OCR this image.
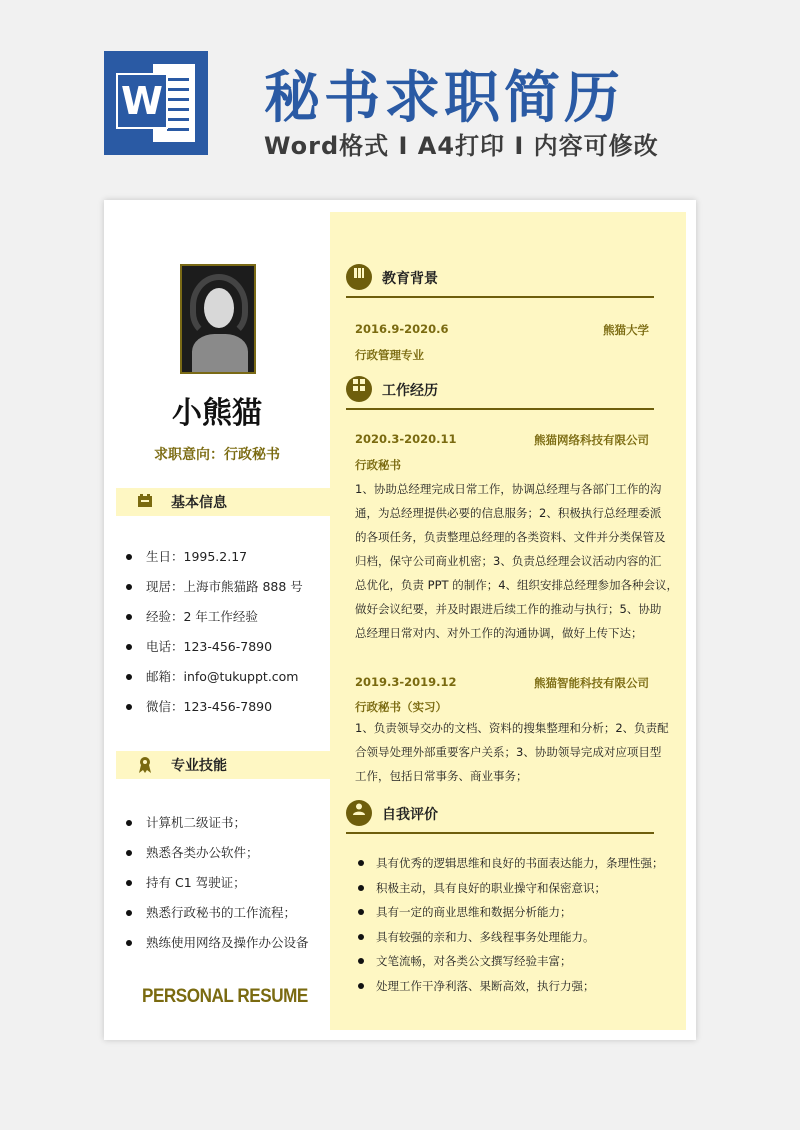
W 秘书求职简历
Word格式 I A4打印 I 内容可修改
小熊猫
求职意向：行政秘书
基本信息
生日：1995.2.17
现居：上海市熊猫路 888 号
经验：2 年工作经验
电话：123-456-7890
邮箱：info@tukuppt.com
微信：123-456-7890
专业技能
计算机二级证书；
熟悉各类办公软件；
持有 C1 驾驶证；
熟悉行政秘书的工作流程；
熟练使用网络及操作办公设备
PERSONAL RESUME
教育背景
2016.9-2020.6	熊猫大学
行政管理专业
工作经历
2020.3-2020.11	熊猫网络科技有限公司
行政秘书
1、协助总经理完成日常工作，协调总经理与各部门工作的沟
通，为总经理提供必要的信息服务；2、积极执行总经理委派
的各项任务，负责整理总经理的各类资料、文件并分类保管及
归档，保守公司商业机密；3、负责总经理会议活动内容的汇
总优化，负责 PPT 的制作；4、组织安排总经理参加各种会议，
做好会议纪要，并及时跟进后续工作的推动与执行；5、协助
总经理日常对内、对外工作的沟通协调，做好上传下达；
2019.3-2019.12	熊猫智能科技有限公司
行政秘书（实习）
1、负责领导交办的文档、资料的搜集整理和分析；2、负责配
合领导处理外部重要客户关系；3、协助领导完成对应项目型
工作，包括日常事务、商业事务；
自我评价
具有优秀的逻辑思维和良好的书面表达能力，条理性强；
积极主动，具有良好的职业操守和保密意识；
具有一定的商业思维和数据分析能力；
具有较强的亲和力、多线程事务处理能力。
文笔流畅，对各类公文撰写经验丰富；
处理工作干净利落、果断高效，执行力强；
